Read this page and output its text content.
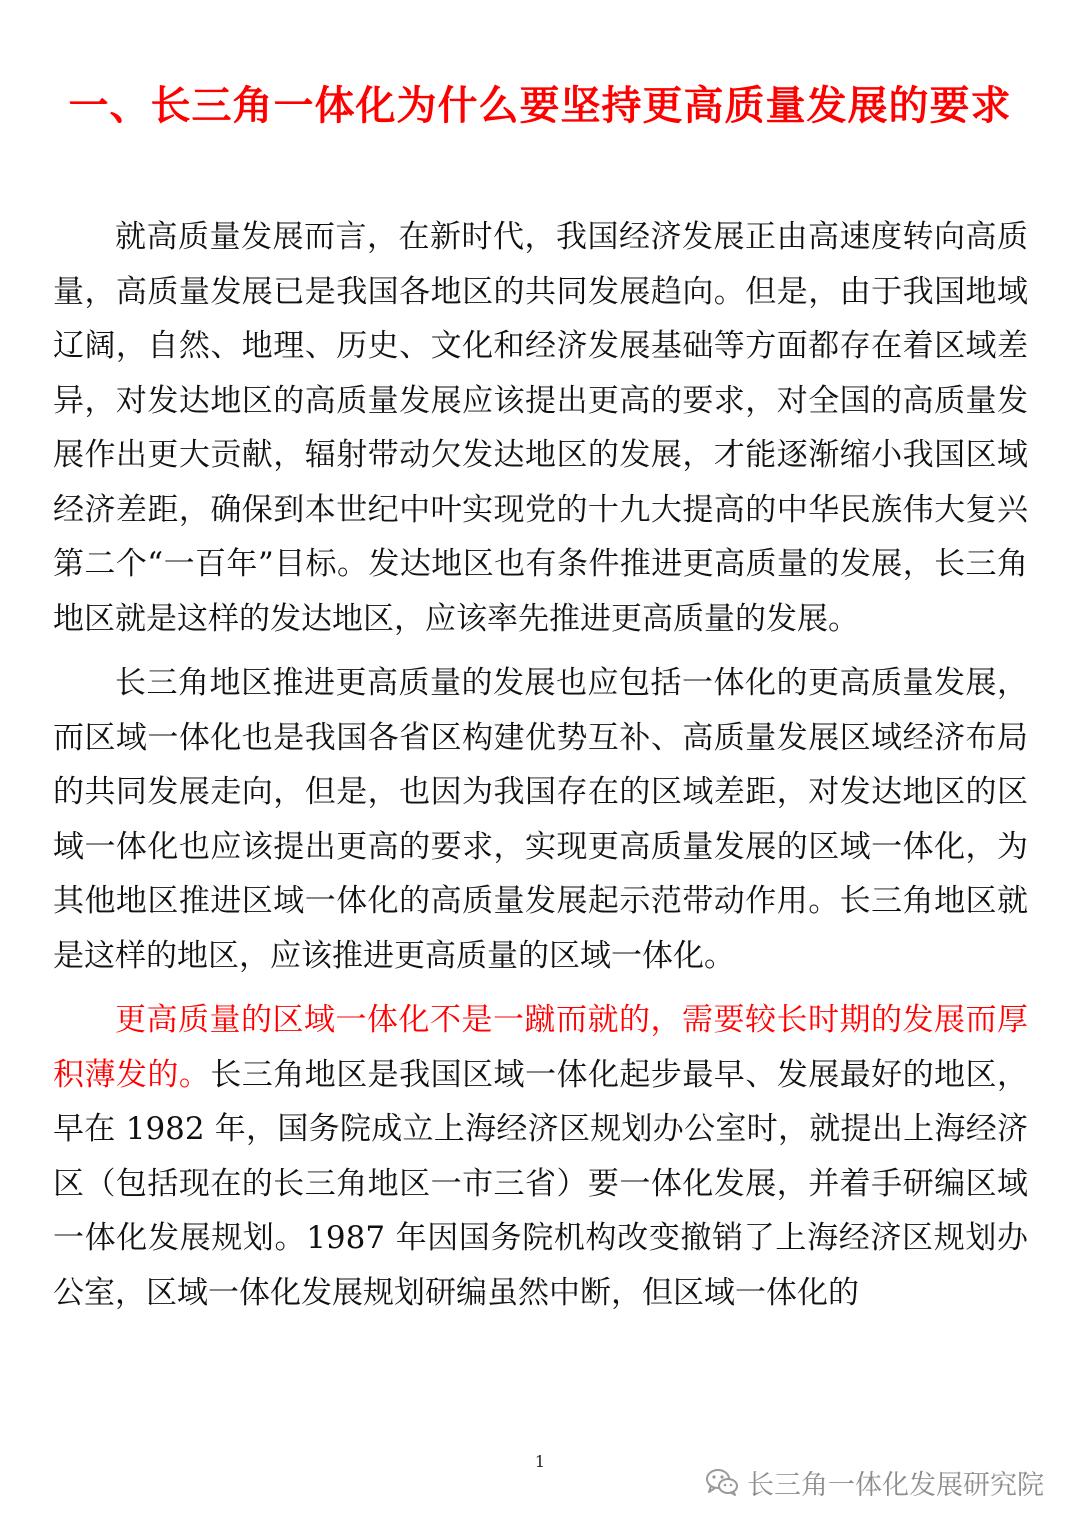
一、长三角一体化为什么要坚持更高质量发展的要求

就高质量发展而言，在新时代，我国经济发展正由高速度转向高质量，高质量发展已是我国各地区的共同发展趋向。但是，由于我国地域辽阔，自然、地理、历史、文化和经济发展基础等方面都存在着区域差异，对发达地区的高质量发展应该提出更高的要求，对全国的高质量发展作出更大贡献，辐射带动欠发达地区的发展，才能逐渐缩小我国区域经济差距，确保到本世纪中叶实现党的十九大提高的中华民族伟大复兴第二个“一百年”目标。发达地区也有条件推进更高质量的发展，长三角地区就是这样的发达地区，应该率先推进更高质量的发展。

长三角地区推进更高质量的发展也应包括一体化的更高质量发展，而区域一体化也是我国各省区构建优势互补、高质量发展区域经济布局的共同发展走向，但是，也因为我国存在的区域差距，对发达地区的区域一体化也应该提出更高的要求，实现更高质量发展的区域一体化，为其他地区推进区域一体化的高质量发展起示范带动作用。长三角地区就是这样的地区，应该推进更高质量的区域一体化。

更高质量的区域一体化不是一蹴而就的，需要较长时期的发展而厚积薄发的。长三角地区是我国区域一体化起步最早、发展最好的地区，早在 1982 年，国务院成立上海经济区规划办公室时，就提出上海经济区（包括现在的长三角地区一市三省）要一体化发展，并着手研编区域一体化发展规划。1987 年因国务院机构改变撤销了上海经济区规划办公室，区域一体化发展规划研编虽然中断，但区域一体化的

1
长三角一体化发展研究院
